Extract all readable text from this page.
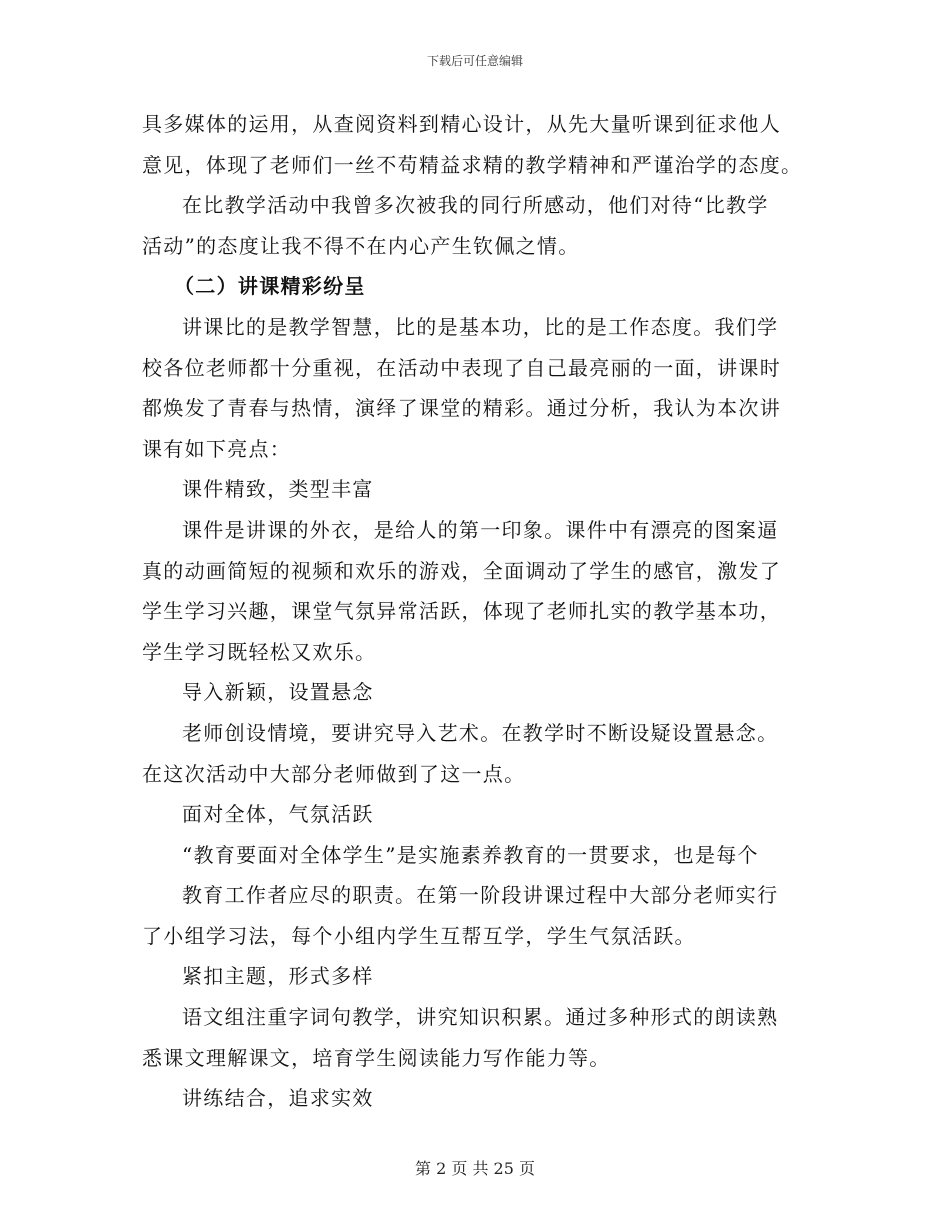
下载后可任意编辑

具多媒体的运用，从查阅资料到精心设计，从先大量听课到征求他人

意见，体现了老师们一丝不苟精益求精的教学精神和严谨治学的态度。

在比教学活动中我曾多次被我的同行所感动，他们对待“比教学

活动”的态度让我不得不在内心产生钦佩之情。

（二）讲课精彩纷呈

讲课比的是教学智慧，比的是基本功，比的是工作态度。我们学

校各位老师都十分重视，在活动中表现了自己最亮丽的一面，讲课时

都焕发了青春与热情，演绎了课堂的精彩。通过分析，我认为本次讲

课有如下亮点：

课件精致，类型丰富

课件是讲课的外衣，是给人的第一印象。课件中有漂亮的图案逼

真的动画简短的视频和欢乐的游戏，全面调动了学生的感官，激发了

学生学习兴趣，课堂气氛异常活跃，体现了老师扎实的教学基本功，

学生学习既轻松又欢乐。

导入新颖，设置悬念

老师创设情境，要讲究导入艺术。在教学时不断设疑设置悬念。

在这次活动中大部分老师做到了这一点。

面对全体，气氛活跃

“教育要面对全体学生”是实施素养教育的一贯要求，也是每个

教育工作者应尽的职责。在第一阶段讲课过程中大部分老师实行

了小组学习法，每个小组内学生互帮互学，学生气氛活跃。

紧扣主题，形式多样

语文组注重字词句教学，讲究知识积累。通过多种形式的朗读熟

悉课文理解课文，培育学生阅读能力写作能力等。

讲练结合，追求实效

第 2 页 共 25 页
